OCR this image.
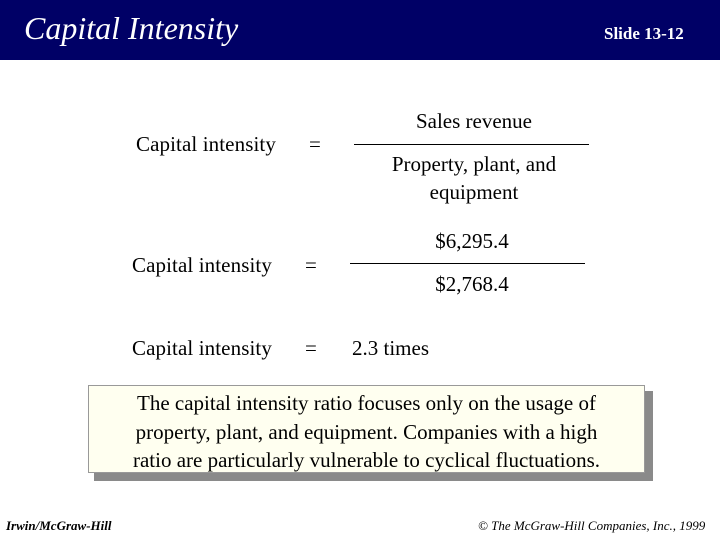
Capital Intensity	Slide 13-12
Capital intensity =
Sales revenue
Property, plant, and
equipment
Capital intensity =
$6,295.4
$2,768.4
Capital intensity = 2.3 times
The capital intensity ratio focuses only on the usage of
property, plant, and equipment. Companies with a high
ratio are particularly vulnerable to cyclical fluctuations.
Irwin/McGraw-Hill	© The McGraw-Hill Companies, Inc., 1999
